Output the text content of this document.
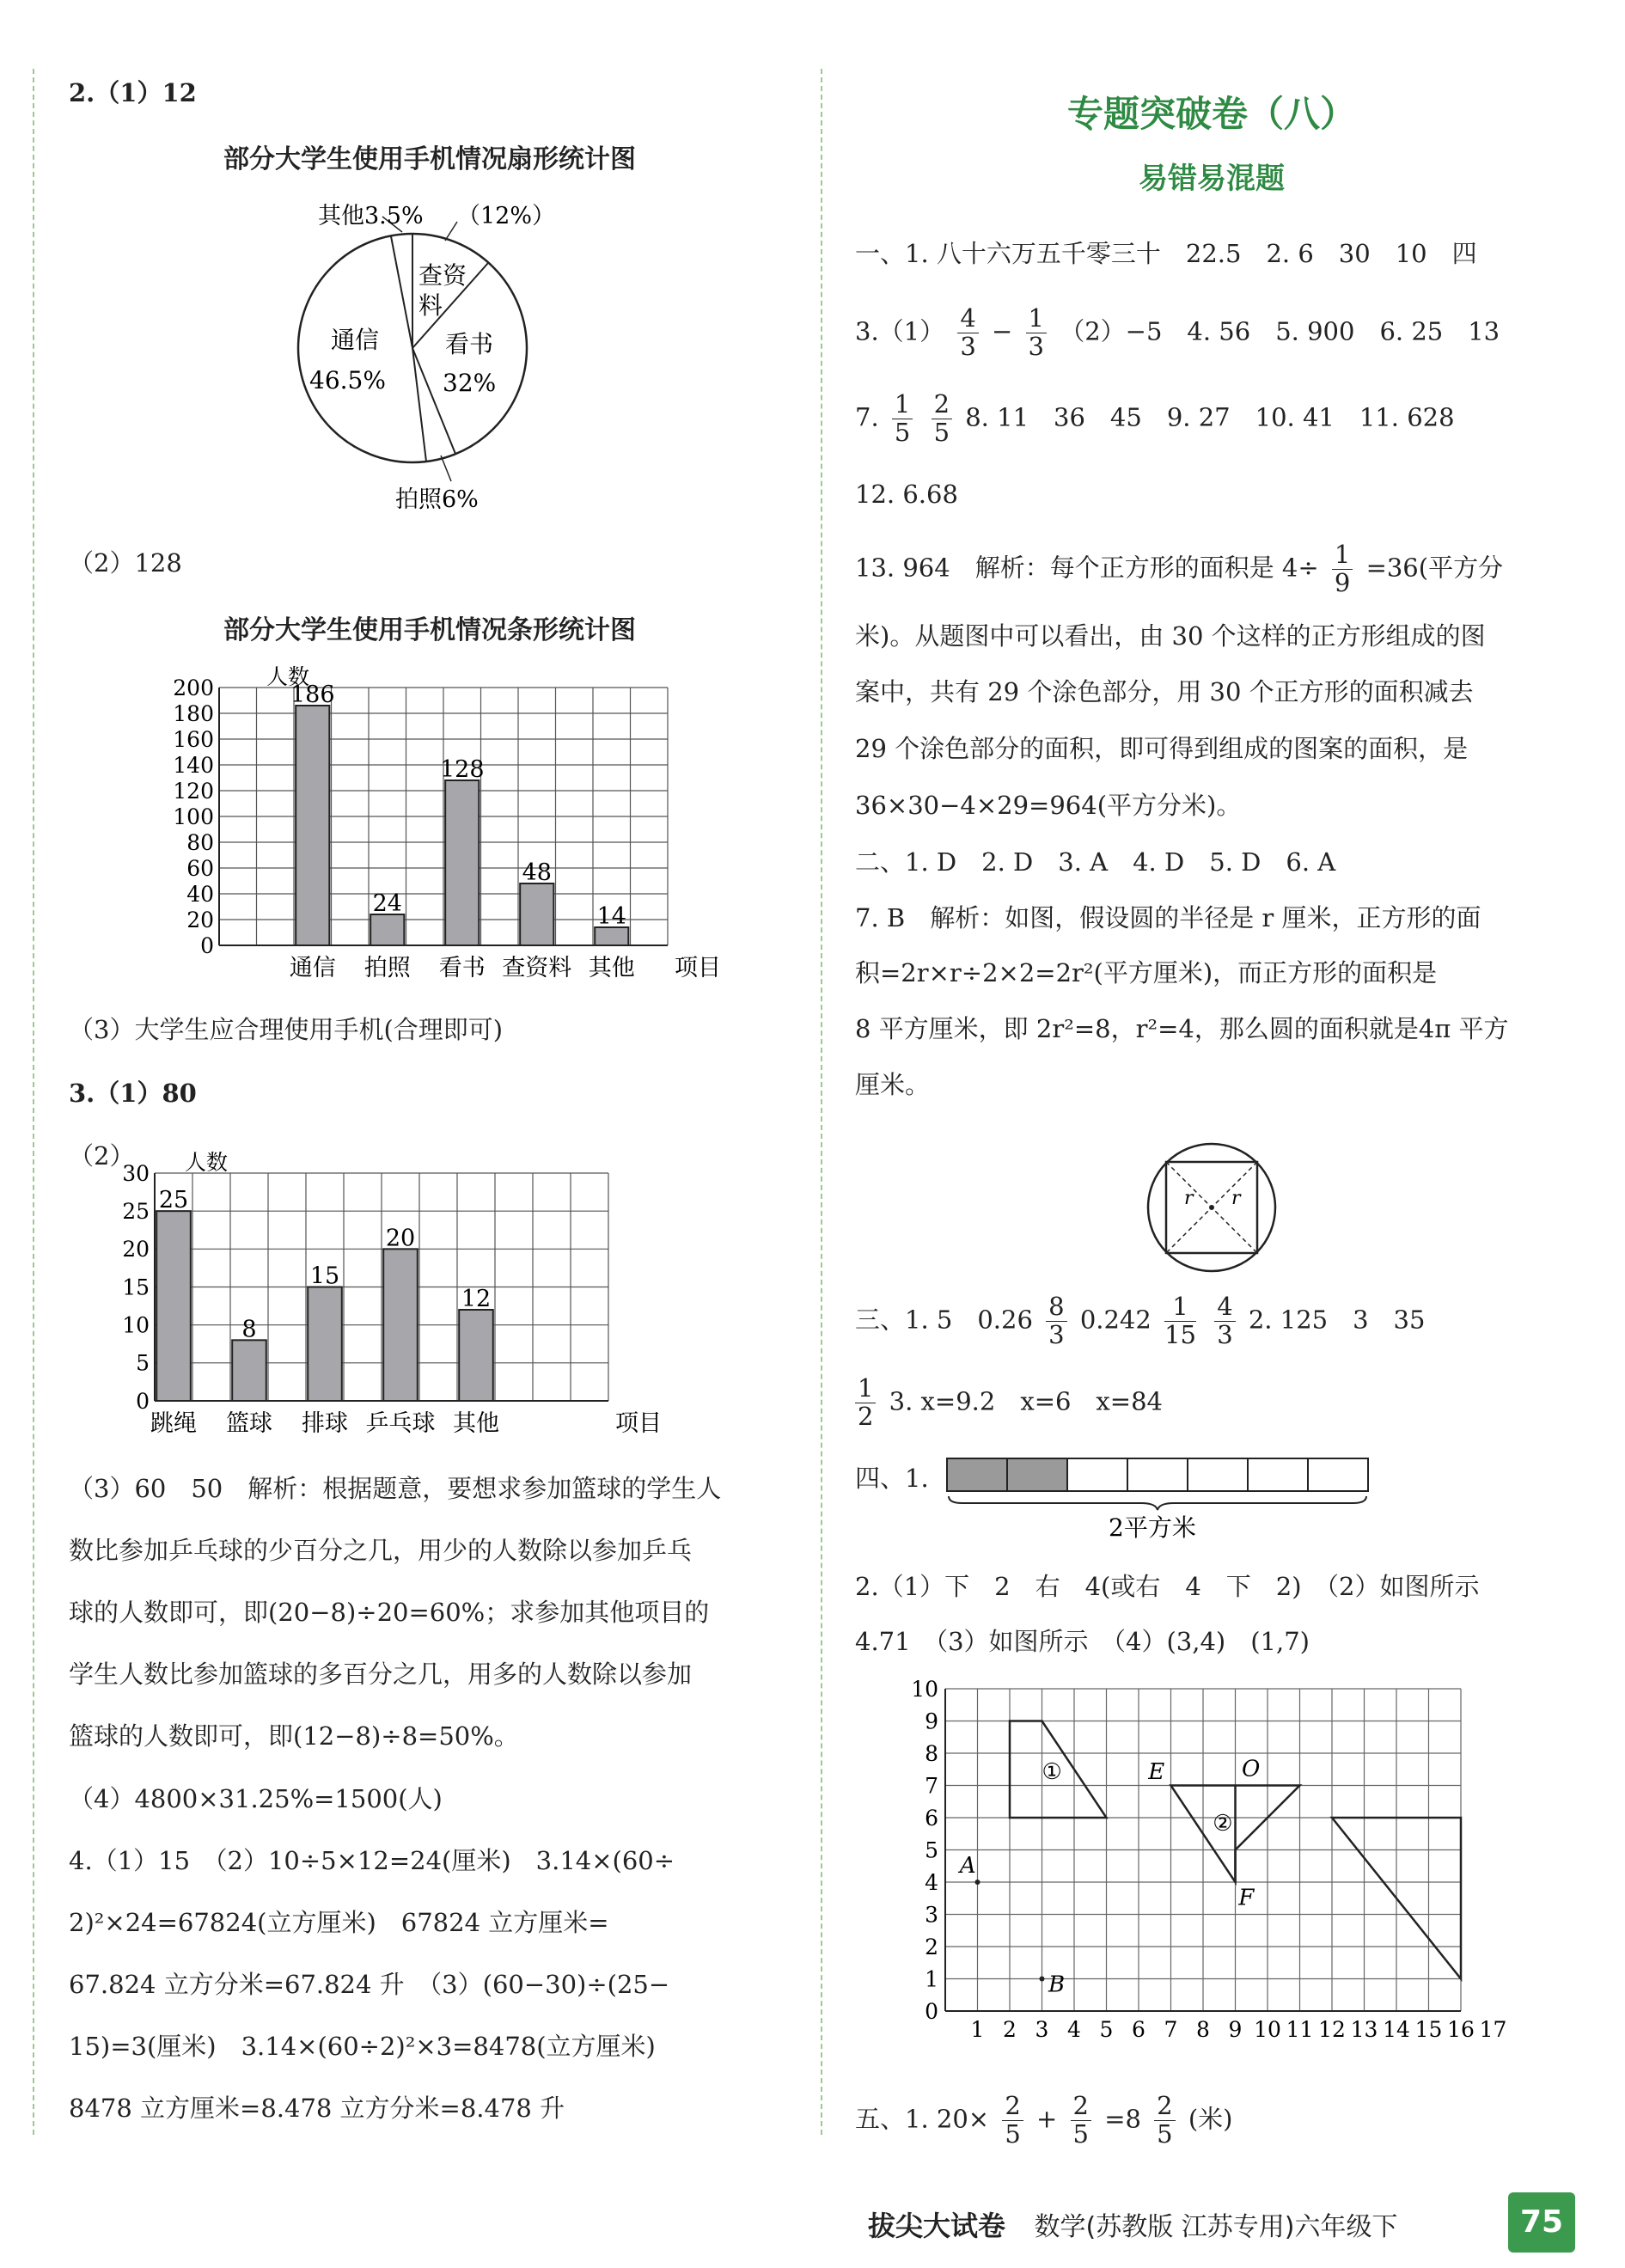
2.（1）12
部分大学生使用手机情况扇形统计图
其他3.5% （12%）
查资
料
通信
46.5%
看书
32%
拍照6%
（2）128
部分大学生使用手机情况条形统计图
0
20
40
60
80
100
120
140
160
180
200 人数
186
通信
24
拍照
128
看书
48
查资料
14
其他 项目
（3）大学生应合理使用手机(合理即可)
3.（1）80
（2）
0
5
10
15
20
25
30 人数
25
跳绳
8
篮球
15
排球
20
乒乓球
12
其他	项目
（3）60　50　解析：根据题意，要想求参加篮球的学生人
数比参加乒乓球的少百分之几，用少的人数除以参加乒乓
球的人数即可，即(20−8)÷20=60%；求参加其他项目的
学生人数比参加篮球的多百分之几，用多的人数除以参加
篮球的人数即可，即(12−8)÷8=50%。
（4）4800×31.25%=1500(人)
4.（1）15　（2）10÷5×12=24(厘米)　3.14×(60÷
2)²×24=67824(立方厘米)　67824 立方厘米=
67.824 立方分米=67.824 升　（3）(60−30)÷(25−
15)=3(厘米)　3.14×(60÷2)²×3=8478(立方厘米)
8478 立方厘米=8.478 立方分米=8.478 升
专题突破卷（八）
易错易混题
一、1. 八十六万五千零三十　22.5　2. 6　30　10　四
$3.(1) \frac{4}{3} - \frac{1}{3} (2)-5$　4. 56　5. 900　6. 25　13
7. $\frac{1}{5}$
$\frac{2}{5} 8$. 11　36　45　9. 27　10. 41　11. 628
12. 6.68
13. 964　解析：每个正方形的面积是 $4\div \frac{1}{9} =36$(平方分
米)。从题图中可以看出，由 30 个这样的正方形组成的图
案中，共有 29 个涂色部分，用 30 个正方形的面积减去
29 个涂色部分的面积，即可得到组成的图案的面积，是
36×30−4×29=964(平方分米)。
二、1. D　2. D　3. A　4. D　5. D　6. A
7. B　解析：如图，假设圆的半径是 r 厘米，正方形的面
积=2r×r÷2×2=2r²(平方厘米)，而正方形的面积是
8 平方厘米，即 2r²=8，r²=4，那么圆的面积就是4π 平方
厘米。
r r
三、1. 5　$0.26 \frac{8}{3} 0.242 \frac{1}{15}$
$\frac{4}{3} 2$. 125　3　35
$\frac{1}{2} 3$. x=9.2　x=6　x=84
四、1.
2平方米
2.（1）下　2　右　4(或右　4　下　2)　（2）如图所示
4.71　（3）如图所示　（4）(3,4)　(1,7)
1 2 3 4 5 6 7 8 9 10 11 12 13 14 15 16 17
0
1
2
3
4
5
6
7
8
9
10
A
B
E	O
F
①
②
五、1. $20\times \frac{2}{5} + \frac{2}{5} =8 \frac{2}{5}$ (米)
拔尖大试卷 数学(苏教版 江苏专用)六年级下	75
